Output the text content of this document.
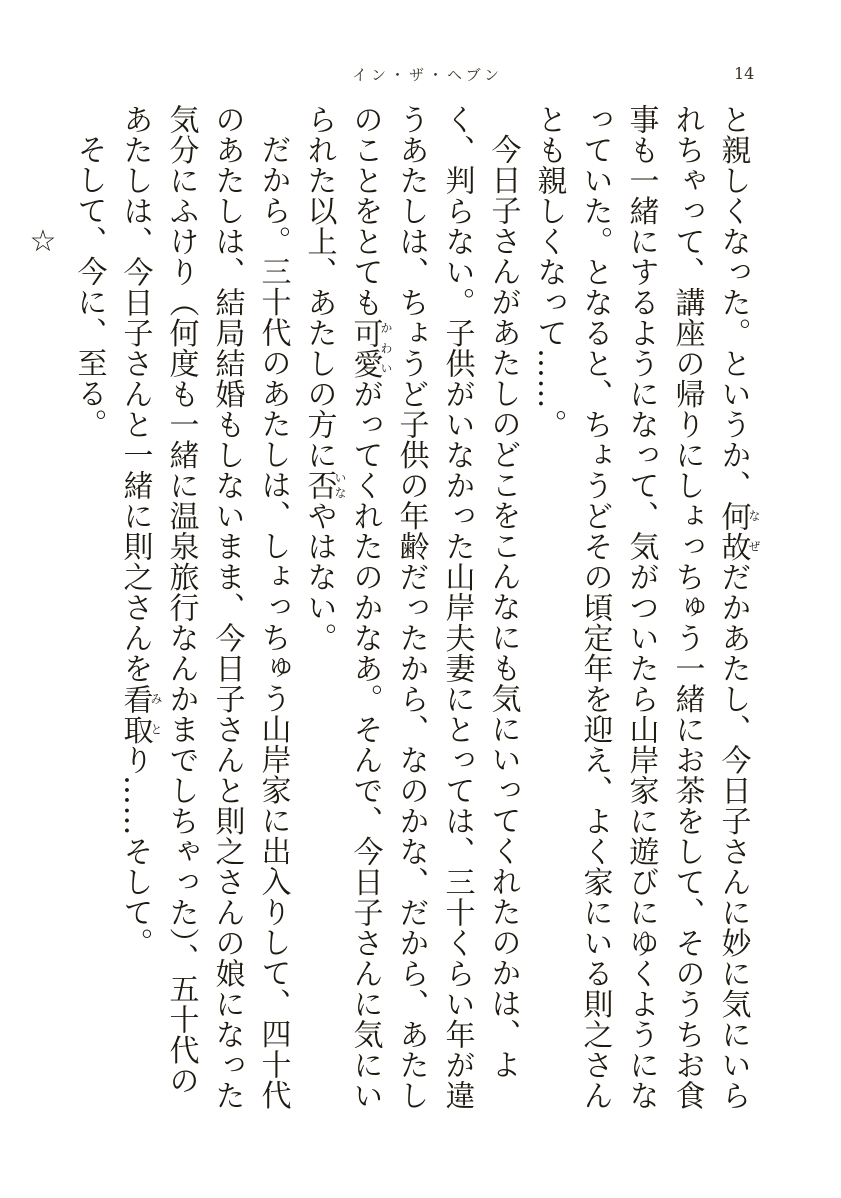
イン・ザ・ヘブン	14
と親しくなった。というか、何故なぜだかあたし、今日子さんに妙に気にいられちゃって、講座の帰りにしょっちゅう一緒にお茶をして、そのうちお食事も一緒にするようになって、気がついたら山岸家に遊びにゆくようになっていた。となると、ちょうどその頃定年を迎え、よく家にいる則之さんとも親しくなって……。
今日子さんがあたしのどこをこんなにも気にいってくれたのかは、よく、判らない。子供がいなかった山岸夫妻にとっては、三十くらい年が違うあたしは、ちょうど子供の年齢だったから、なのかな、だから、あたしのことをとても可愛かわいがってくれたのかなあ。そんで、今日子さんに気にいられた以上、あたしの方に否いなやはない。
だから。三十代のあたしは、しょっちゅう山岸家に出入りして、四十代のあたしは、結局結婚もしないまま、今日子さんと則之さんの娘になった気分にふけり（何度も一緒に温泉旅行なんかまでしちゃった）、五十代のあたしは、今日子さんと一緒に則之さんを看取みとり……そして。
そして、今に、至る。
☆
